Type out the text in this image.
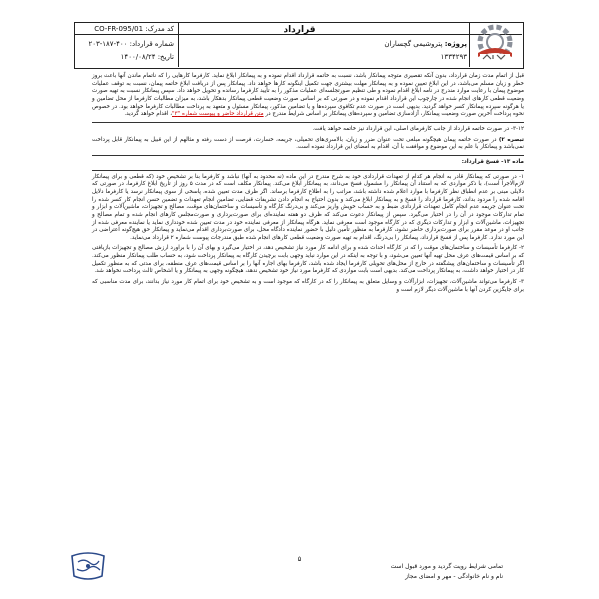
قرارداد
پروژه: پتروشیمی گچساران
۱۳۳۴۲۹۳
کد مدرک: CO-FR-095/01
شماره قرارداد: ۴۰۰-۱۸۷-۲۰۳
تاریخ: ۱۴۰۰/۰۸/۲۴

قبل از اتمام مدت زمان قرارداد، بدون آنکه تقصیری متوجه پیمانکار باشد، نسبت به خاتمه قرارداد اقدام نموده و به پیمانکار ابلاغ نماید. کارفرما کارهایی را که ناتمام ماندن آنها باعث بروز خطر و زیان مسلم می‌باشد، در این ابلاغ تعیین نموده و به پیمانکار مهلت بیشتری جهت تکمیل اینگونه کارها خواهد داد. پیمانکار پس از دریافت ابلاغ خاتمه پیمان، نسبت به توقف عملیات موضوع پیمان با رعایت موارد مندرج در نامه ابلاغ اقدام نموده و طی تنظیم صورتجلسه‌ای عملیات مذکور را به تأیید کارفرما رسانده و تحویل خواهد داد. سپس پیمانکار نسبت به تهیه صورت وضعیت قطعی کارهای انجام شده در چارچوب این قرارداد اقدام نموده و در صورتی که بر اساس صورت وضعیت قطعی پیمانکار بدهکار باشد، به میزان مطالبات کارفرما از محل تضامین و یا هرگونه سپرده پیمانکار کسر خواهد گردید. بدیهی است در صورت عدم تکافوی سپرده‌ها و یا تضامین مذکور، پیمانکار مسئول و متعهد به پرداخت مطالبات کارفرما خواهد بود. در خصوص نحوه پرداخت آخرین صورت وضعیت پیمانکار، آزادسازی تضامین و سپرده‌های پیمانکار بر اساس شرایط مندرج در متن قرارداد حاضر و پیوست شماره "۳"، اقدام خواهد گردید.

۳-۱۲- در صورت خاتمه قرارداد از جانب کارفرمای اصلی، این قرارداد نیز خاتمه خواهد یافت.

تبصره ۲) در صورت خاتمه پیمان هیچگونه مبلغی تحت عنوان ضرر و زیان، بالاسری‌های تحمیلی، جریمه، خسارت، فرصت از دست رفته و مثالهم از این قبیل به پیمانکار قابل پرداخت نمی‌باشد و پیمانکار با علم به این موضوع و موافقت با آن، اقدام به امضای این قرارداد نموده است.

ماده ۱۳- فسخ قرارداد:

۱- در صورتی که پیمانکار قادر به انجام هر کدام از تعهدات قراردادی خود به شرح مندرج در این ماده (نه محدود به آنها) نباشد و کارفرما بنا بر تشخیص خود (که قطعی و برای پیمانکار لازم‌الاجرا است)، با ذکر مواردی که به استناد آن پیمانکار را مشمول فسخ می‌داند، به پیمانکار ابلاغ می‌کند. پیمانکار مکلف است که در مدت ۵ روز از تاریخ ابلاغ کارفرما، در صورتی که دلایلی مبنی بر عدم انطباق نظر کارفرما با موارد اعلام شده داشته باشد، مراتب را به اطلاع کارفرما برساند. اگر ظرف مدت تعیین شده، پاسخی از سوی پیمانکار نرسد یا کارفرما دلایل اقامه شده را مردود بداند، کارفرما قرارداد را فسخ و به پیمانکار ابلاغ می‌کند و بدون احتیاج به انجام دادن تشریفات قضایی، تضامین انجام تعهدات و تضمین حسن انجام کار کسر شده را تحت عنوان جریمه عدم انجام کامل تعهدات قراردادی ضبط و به حساب خویش واریز می‌کند و بی‌درنگ کارگاه و تأسیسات و ساختمان‌های موقت، مصالح و تجهیزات، ماشین‌آلات و ابزار و تمام تدارکات موجود در آن را در اختیار می‌گیرد. سپس از پیمانکار دعوت می‌کند که ظرف دو هفته نماینده‌ای برای صورت‌برداری و صورت‌مجلس کارهای انجام شده و تمام مصالح و تجهیزات، ماشین‌آلات و ابزار و تدارکات دیگری که در کارگاه موجود است معرفی نماید. هرگاه پیمانکار از معرفی نماینده خود در مدت تعیین شده خودداری نماید یا نماینده معرفی شده از جانب او در موعد مقرر برای صورت‌برداری حاضر نشود، کارفرما به منظور تأمین دلیل با حضور نماینده دادگاه محل، برای صورت‌برداری اقدام می‌نماید و پیمانکار حق هیچ‌گونه اعتراضی در این مورد ندارد. کارفرما پس از فسخ قرارداد، پیمانکار را بی‌درنگ، اقدام به تهیه صورت وضعیت قطعی کارهای انجام شده طبق مندرجات پیوست شماره ۲ قرارداد می‌نماید.

۲- کارفرما تأسیسات و ساختمان‌های موقت را که در کارگاه احداث شده و برای ادامه کار مورد نیاز تشخیص دهد، در اختیار می‌گیرد و بهای آن را با براورد ارزش مصالح و تجهیزات بازیافتی که بر اساس قیمت‌های عرف محل تهیه آنها تعیین می‌شود، و با توجه به اینکه در این موارد نباید وجهی بابت برچیدن کارگاه به پیمانکار پرداخت شود، به حساب طلب پیمانکار منظور می‌کند. اگر تأسیسات و ساختمان‌های پیشگفته در خارج از محل‌های تحویلی کارفرما ایجاد شده باشد، کارفرما بهای اجاره آنها را بر اساس قیمت‌های عرف منطقه، برای مدتی که به منظور تکمیل کار در اختیار خواهد داشت، به پیمانکار پرداخت می‌کند. بدیهی است بابت مواردی که کارفرما مورد نیاز خود تشخیص ندهد، هیچگونه وجهی به پیمانکار و یا اشخاص ثالث پرداخت نخواهد شد.

۳- کارفرما می‌تواند ماشین‌آلات، تجهیزات، ابزارآلات و وسایل متعلق به پیمانکار را که در کارگاه که موجود است و به تشخیص خود برای اتمام کار مورد نیاز بدانند، برای مدت مناسبی که برای جایگزین کردن آنها با ماشین‌آلات دیگر لازم است و

۵
تمامی شرایط رویت گردید و مورد قبول است
نام و نام خانوادگی - مهر و امضای مجاز
